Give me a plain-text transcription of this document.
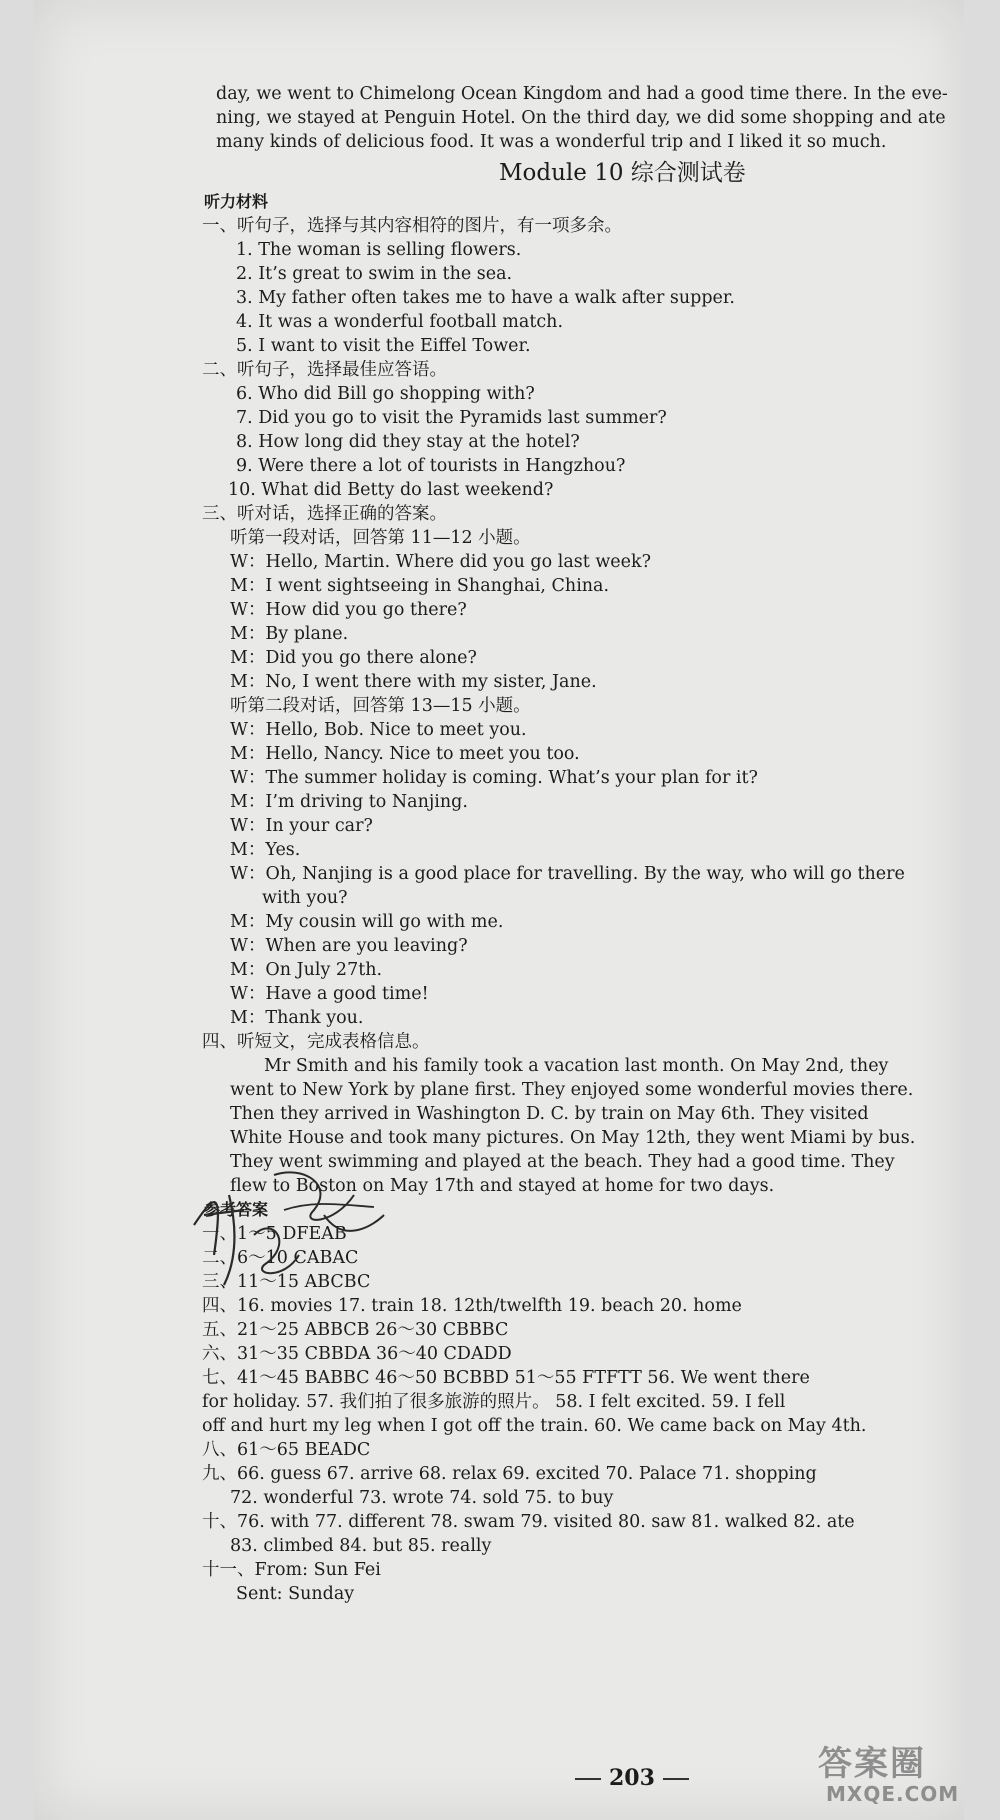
day, we went to Chimelong Ocean Kingdom and had a good time there. In the eve-
ning, we stayed at Penguin Hotel. On the third day, we did some shopping and ate
many kinds of delicious food. It was a wonderful trip and I liked it so much.
Module 10 综合测试卷
听力材料
一、听句子，选择与其内容相符的图片，有一项多余。
1. The woman is selling flowers.
2. It’s great to swim in the sea.
3. My father often takes me to have a walk after supper.
4. It was a wonderful football match.
5. I want to visit the Eiffel Tower.
二、听句子，选择最佳应答语。
6. Who did Bill go shopping with?
7. Did you go to visit the Pyramids last summer?
8. How long did they stay at the hotel?
9. Were there a lot of tourists in Hangzhou?
10. What did Betty do last weekend?
三、听对话，选择正确的答案。
听第一段对话，回答第 11—12 小题。
W：Hello, Martin. Where did you go last week?
M：I went sightseeing in Shanghai, China.
W：How did you go there?
M：By plane.
M：Did you go there alone?
M：No, I went there with my sister, Jane.
听第二段对话，回答第 13—15 小题。
W：Hello, Bob. Nice to meet you.
M：Hello, Nancy. Nice to meet you too.
W：The summer holiday is coming. What’s your plan for it?
M：I’m driving to Nanjing.
W：In your car?
M：Yes.
W：Oh, Nanjing is a good place for travelling. By the way, who will go there
with you?
M：My cousin will go with me.
W：When are you leaving?
M：On July 27th.
W：Have a good time!
M：Thank you.
四、听短文，完成表格信息。
Mr Smith and his family took a vacation last month. On May 2nd, they
went to New York by plane first. They enjoyed some wonderful movies there.
Then they arrived in Washington D. C. by train on May 6th. They visited
White House and took many pictures. On May 12th, they went Miami by bus.
They went swimming and played at the beach. They had a good time. They
flew to Boston on May 17th and stayed at home for two days.
参考答案
一、1～5 DFEAB
二、6～10 CABAC
三、11～15 ABCBC
四、16. movies 17. train 18. 12th/twelfth 19. beach 20. home
五、21～25 ABBCB 26～30 CBBBC
六、31～35 CBBDA 36～40 CDADD
七、41～45 BABBC 46～50 BCBBD 51～55 FTFTT 56. We went there
for holiday. 57. 我们拍了很多旅游的照片。 58. I felt excited. 59. I fell
off and hurt my leg when I got off the train. 60. We came back on May 4th.
八、61～65 BEADC
九、66. guess 67. arrive 68. relax 69. excited 70. Palace 71. shopping
72. wonderful 73. wrote 74. sold 75. to buy
十、76. with 77. different 78. swam 79. visited 80. saw 81. walked 82. ate
83. climbed 84. but 85. really
十一、From: Sun Fei
Sent: Sunday
203	答案圈
MXQE.COM
